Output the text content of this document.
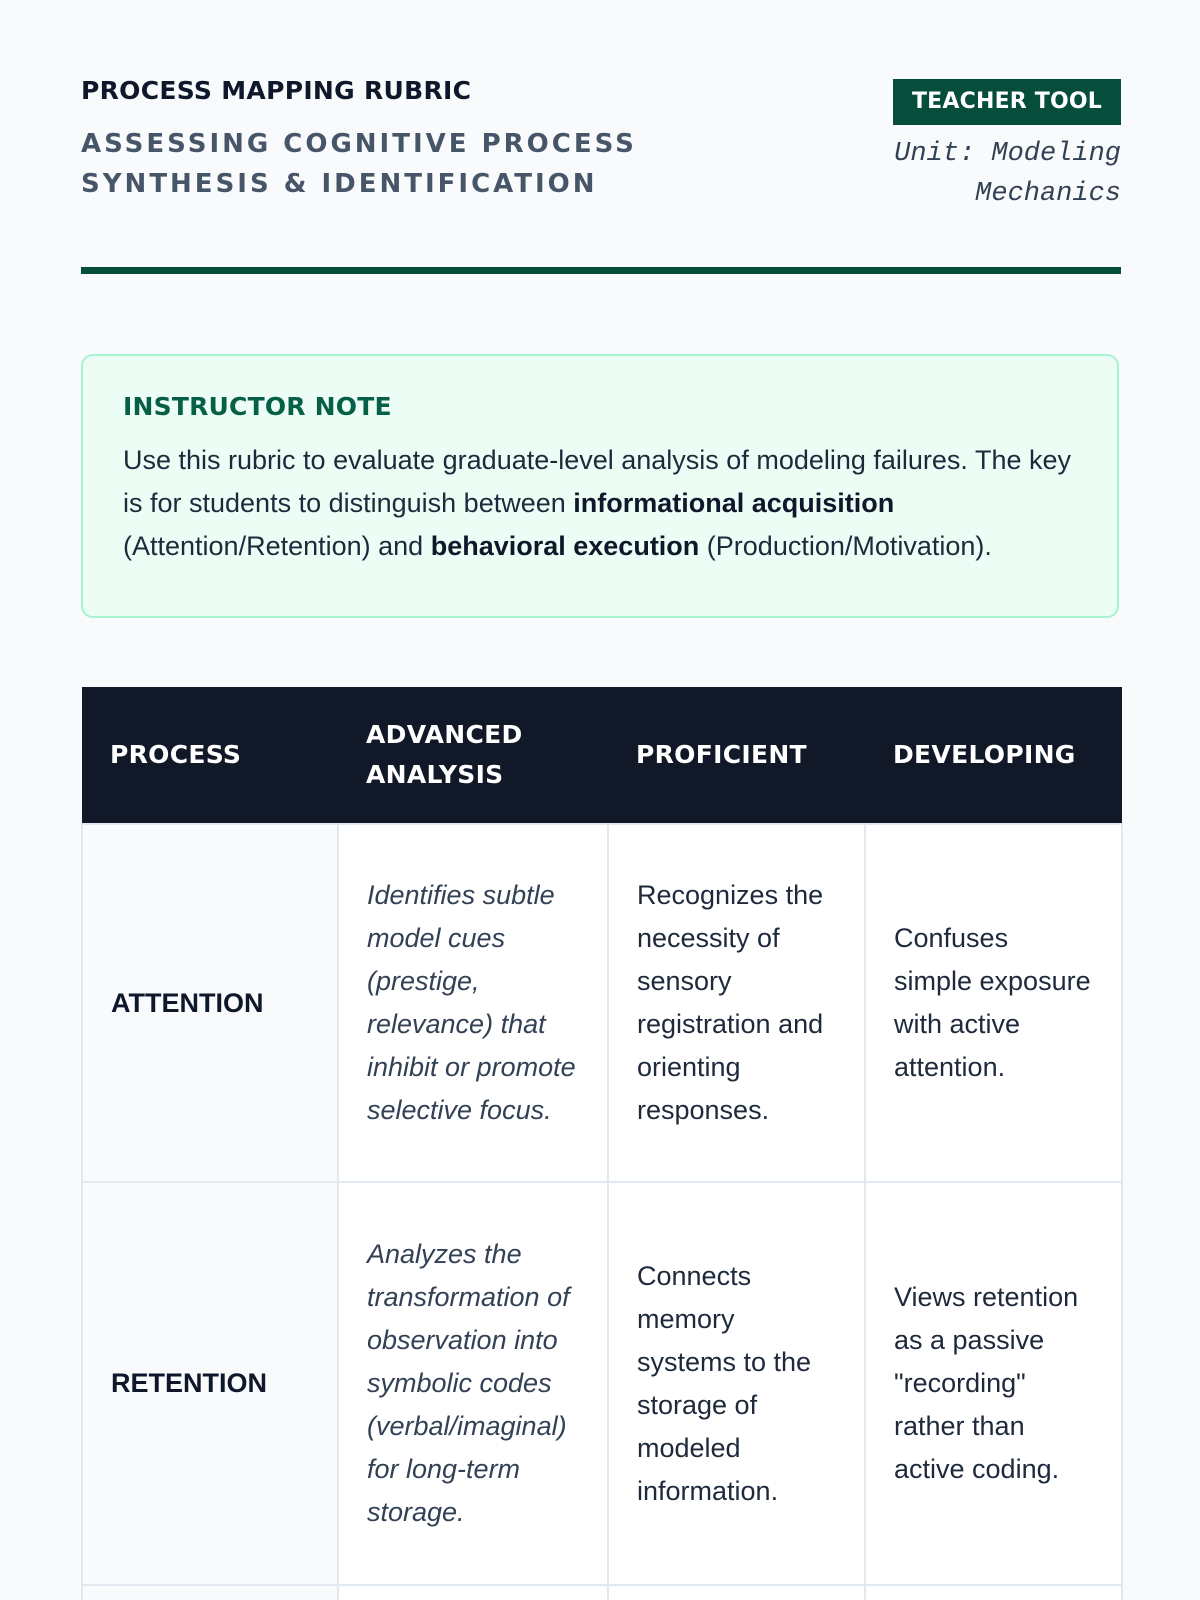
PROCESS MAPPING RUBRIC
ASSESSING COGNITIVE PROCESS SYNTHESIS & IDENTIFICATION
TEACHER TOOL
Unit: Modeling
Mechanics
INSTRUCTOR NOTE

Use this rubric to evaluate graduate-level analysis of modeling failures. The key is for students to distinguish between informational acquisition (Attention/Retention) and behavioral execution (Production/Motivation).

PROCESS	ADVANCED ANALYSIS	PROFICIENT	DEVELOPING
ATTENTION	Identifies subtle model cues (prestige, relevance) that inhibit or promote selective focus.	Recognizes the necessity of sensory registration and orienting responses.	Confuses simple exposure with active attention.
RETENTION	Analyzes the transformation of observation into symbolic codes (verbal/imaginal) for long-term storage.	Connects memory systems to the storage of modeled information.	Views retention as a passive "recording" rather than active coding.
